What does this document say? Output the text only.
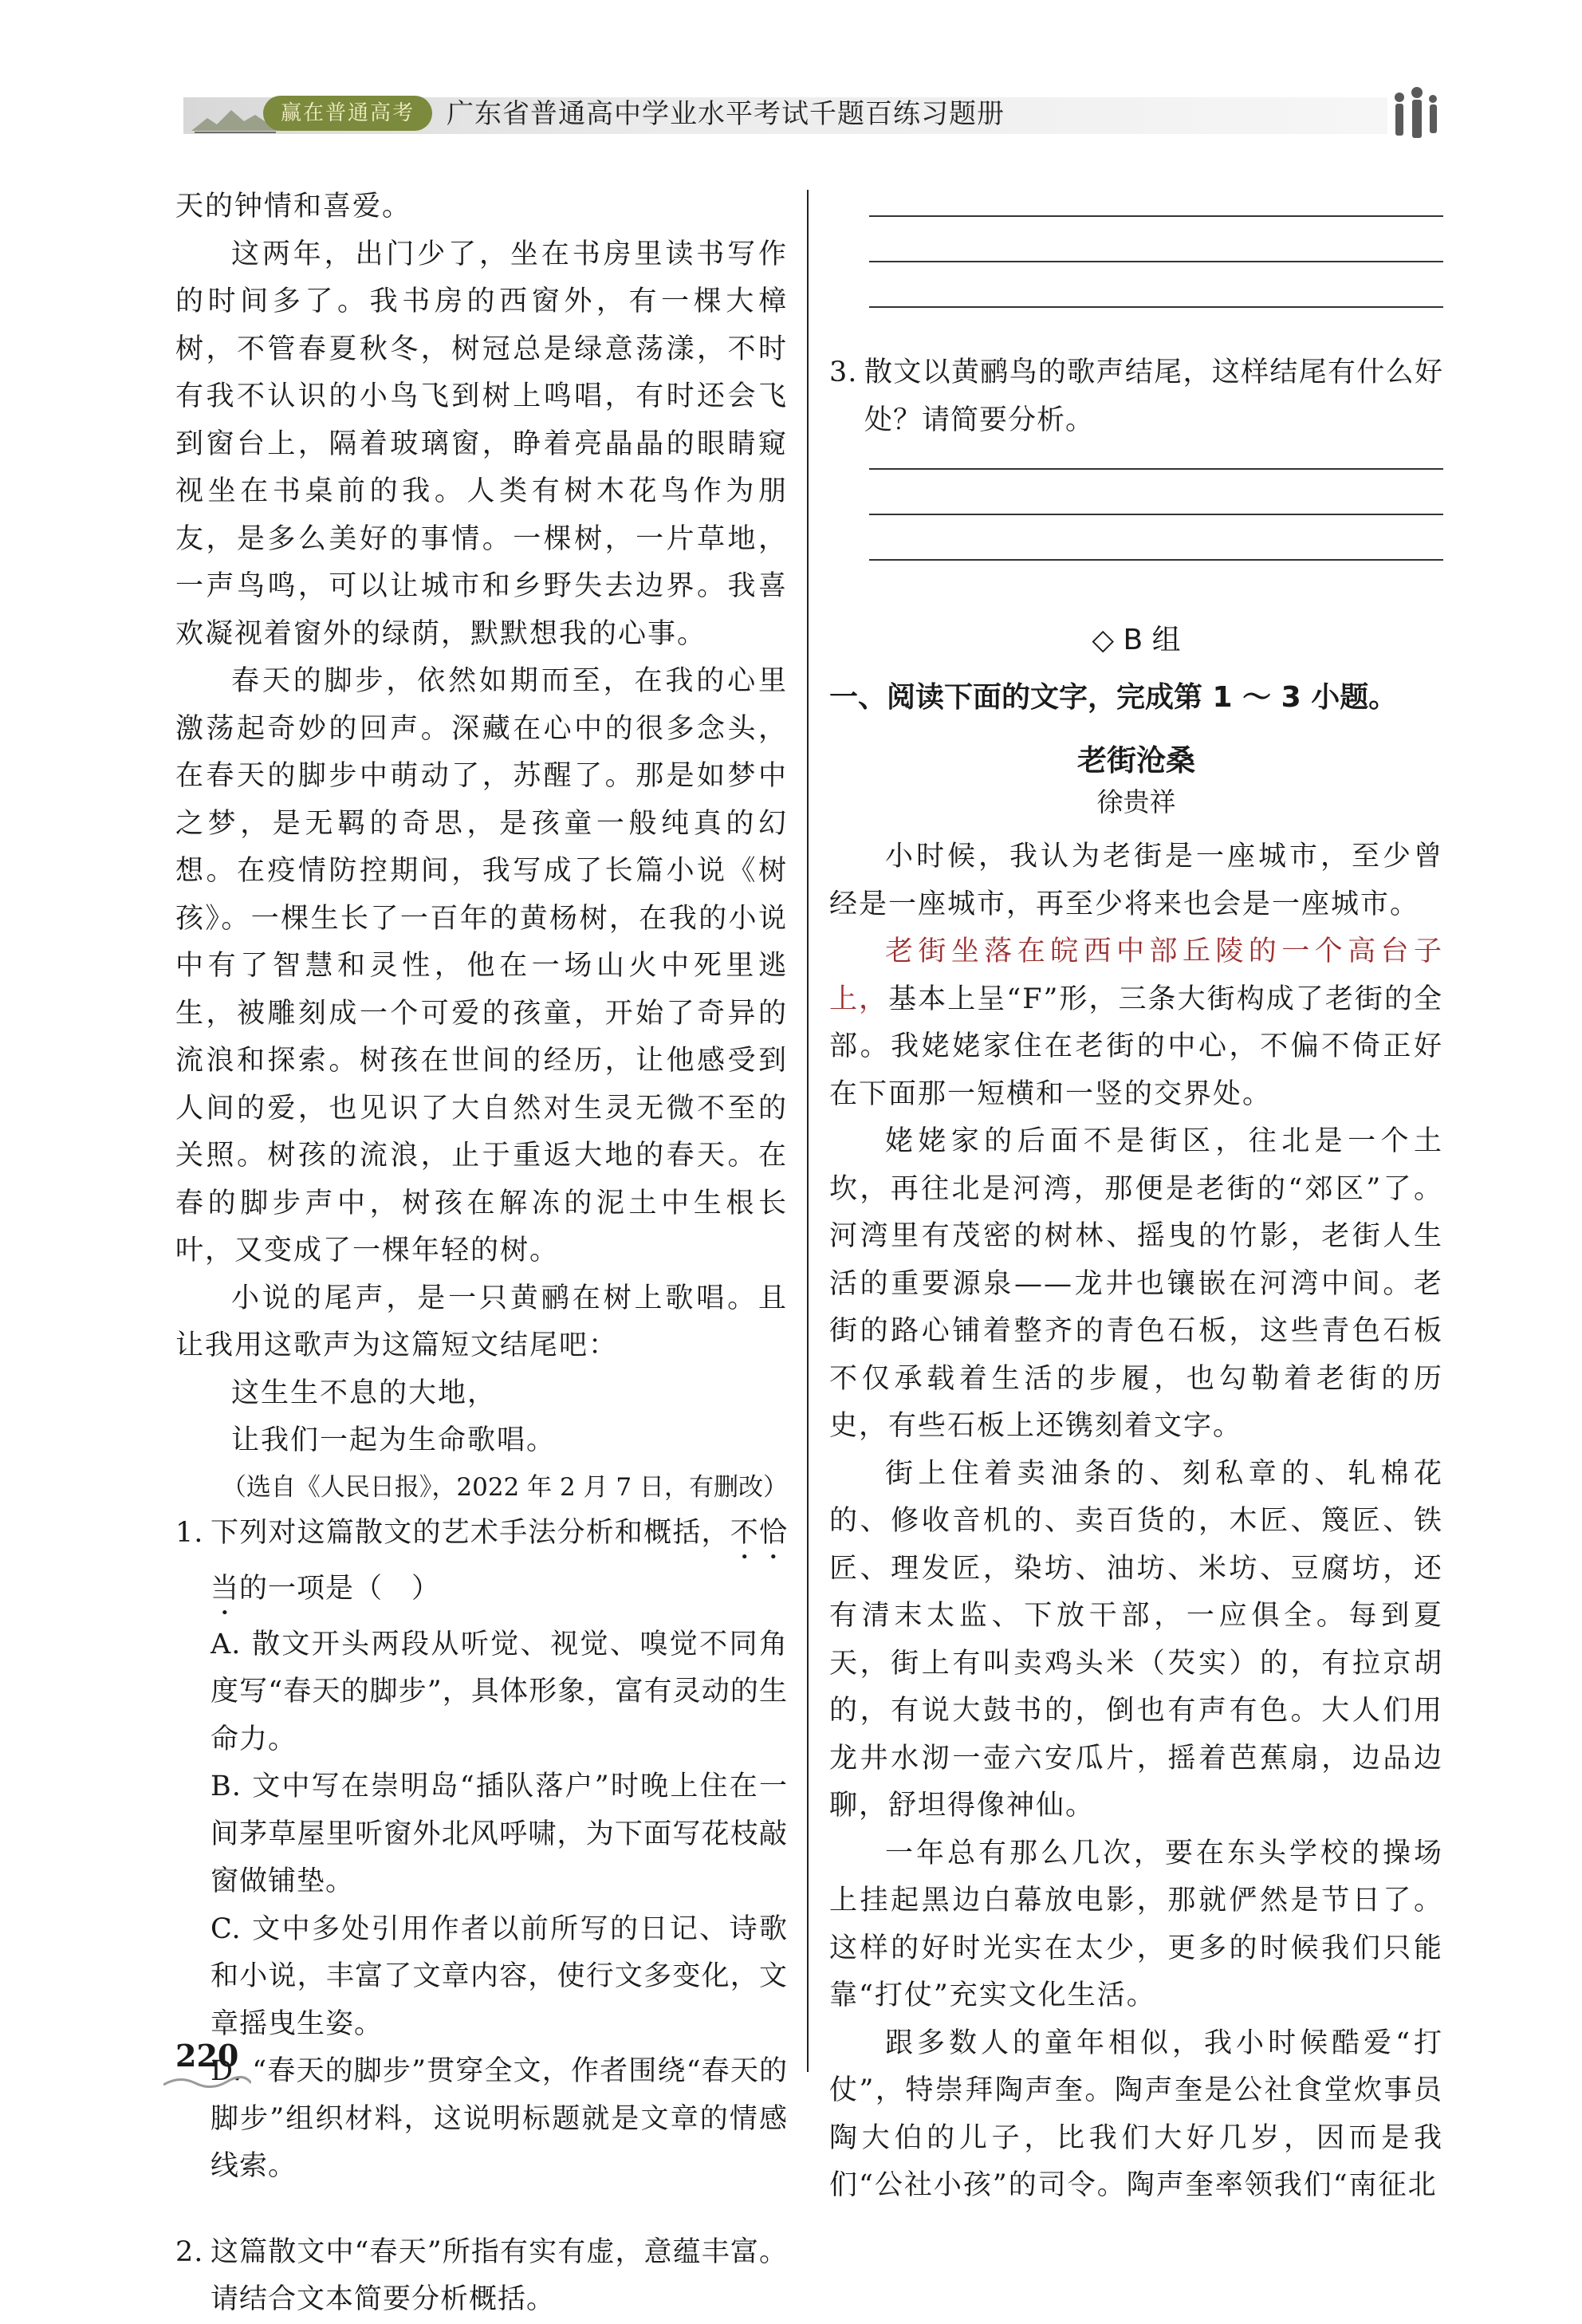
赢在普通高考	广东省普通高中学业水平考试千题百练习题册

天的钟情和喜爱。

这两年，出门少了，坐在书房里读书写作的时间多了。我书房的西窗外，有一棵大樟树，不管春夏秋冬，树冠总是绿意荡漾，不时有我不认识的小鸟飞到树上鸣唱，有时还会飞到窗台上，隔着玻璃窗，睁着亮晶晶的眼睛窥视坐在书桌前的我。人类有树木花鸟作为朋友，是多么美好的事情。一棵树，一片草地，一声鸟鸣，可以让城市和乡野失去边界。我喜欢凝视着窗外的绿荫，默默想我的心事。

春天的脚步，依然如期而至，在我的心里激荡起奇妙的回声。深藏在心中的很多念头，在春天的脚步中萌动了，苏醒了。那是如梦中之梦，是无羁的奇思，是孩童一般纯真的幻想。在疫情防控期间，我写成了长篇小说《树孩》。一棵生长了一百年的黄杨树，在我的小说中有了智慧和灵性，他在一场山火中死里逃生，被雕刻成一个可爱的孩童，开始了奇异的流浪和探索。树孩在世间的经历，让他感受到人间的爱，也见识了大自然对生灵无微不至的关照。树孩的流浪，止于重返大地的春天。在春的脚步声中，树孩在解冻的泥土中生根长叶，又变成了一棵年轻的树。

小说的尾声，是一只黄鹂在树上歌唱。且让我用这歌声为这篇短文结尾吧：

这生生不息的大地，

让我们一起为生命歌唱。

（选自《人民日报》，2022 年 2 月 7 日，有删改）

1. 下列对这篇散文的艺术手法分析和概括，不恰当的一项是（　）

A. 散文开头两段从听觉、视觉、嗅觉不同角度写“春天的脚步”，具体形象，富有灵动的生命力。

B. 文中写在崇明岛“插队落户”时晚上住在一间茅草屋里听窗外北风呼啸，为下面写花枝敲窗做铺垫。

C. 文中多处引用作者以前所写的日记、诗歌和小说，丰富了文章内容，使行文多变化，文章摇曳生姿。

D. “春天的脚步”贯穿全文，作者围绕“春天的脚步”组织材料，这说明标题就是文章的情感线索。

2. 这篇散文中“春天”所指有实有虚，意蕴丰富。请结合文本简要分析概括。
3. 散文以黄鹂鸟的歌声结尾，这样结尾有什么好处？请简要分析。

◇ B 组

一、阅读下面的文字，完成第 1 ～ 3 小题。

老街沧桑

徐贵祥

小时候，我认为老街是一座城市，至少曾经是一座城市，再至少将来也会是一座城市。

老街坐落在皖西中部丘陵的一个高台子上，基本上呈“F”形，三条大街构成了老街的全部。我姥姥家住在老街的中心，不偏不倚正好在下面那一短横和一竖的交界处。

姥姥家的后面不是街区，往北是一个土坎，再往北是河湾，那便是老街的“郊区”了。河湾里有茂密的树林、摇曳的竹影，老街人生活的重要源泉——龙井也镶嵌在河湾中间。老街的路心铺着整齐的青色石板，这些青色石板不仅承载着生活的步履，也勾勒着老街的历史，有些石板上还镌刻着文字。

街上住着卖油条的、刻私章的、轧棉花的、修收音机的、卖百货的，木匠、篾匠、铁匠、理发匠，染坊、油坊、米坊、豆腐坊，还有清末太监、下放干部，一应俱全。每到夏天，街上有叫卖鸡头米（芡实）的，有拉京胡的，有说大鼓书的，倒也有声有色。大人们用龙井水沏一壶六安瓜片，摇着芭蕉扇，边品边聊，舒坦得像神仙。

一年总有那么几次，要在东头学校的操场上挂起黑边白幕放电影，那就俨然是节日了。这样的好时光实在太少，更多的时候我们只能靠“打仗”充实文化生活。

跟多数人的童年相似，我小时候酷爱“打仗”，特崇拜陶声奎。陶声奎是公社食堂炊事员陶大伯的儿子，比我们大好几岁，因而是我们“公社小孩”的司令。陶声奎率领我们“南征北

220
